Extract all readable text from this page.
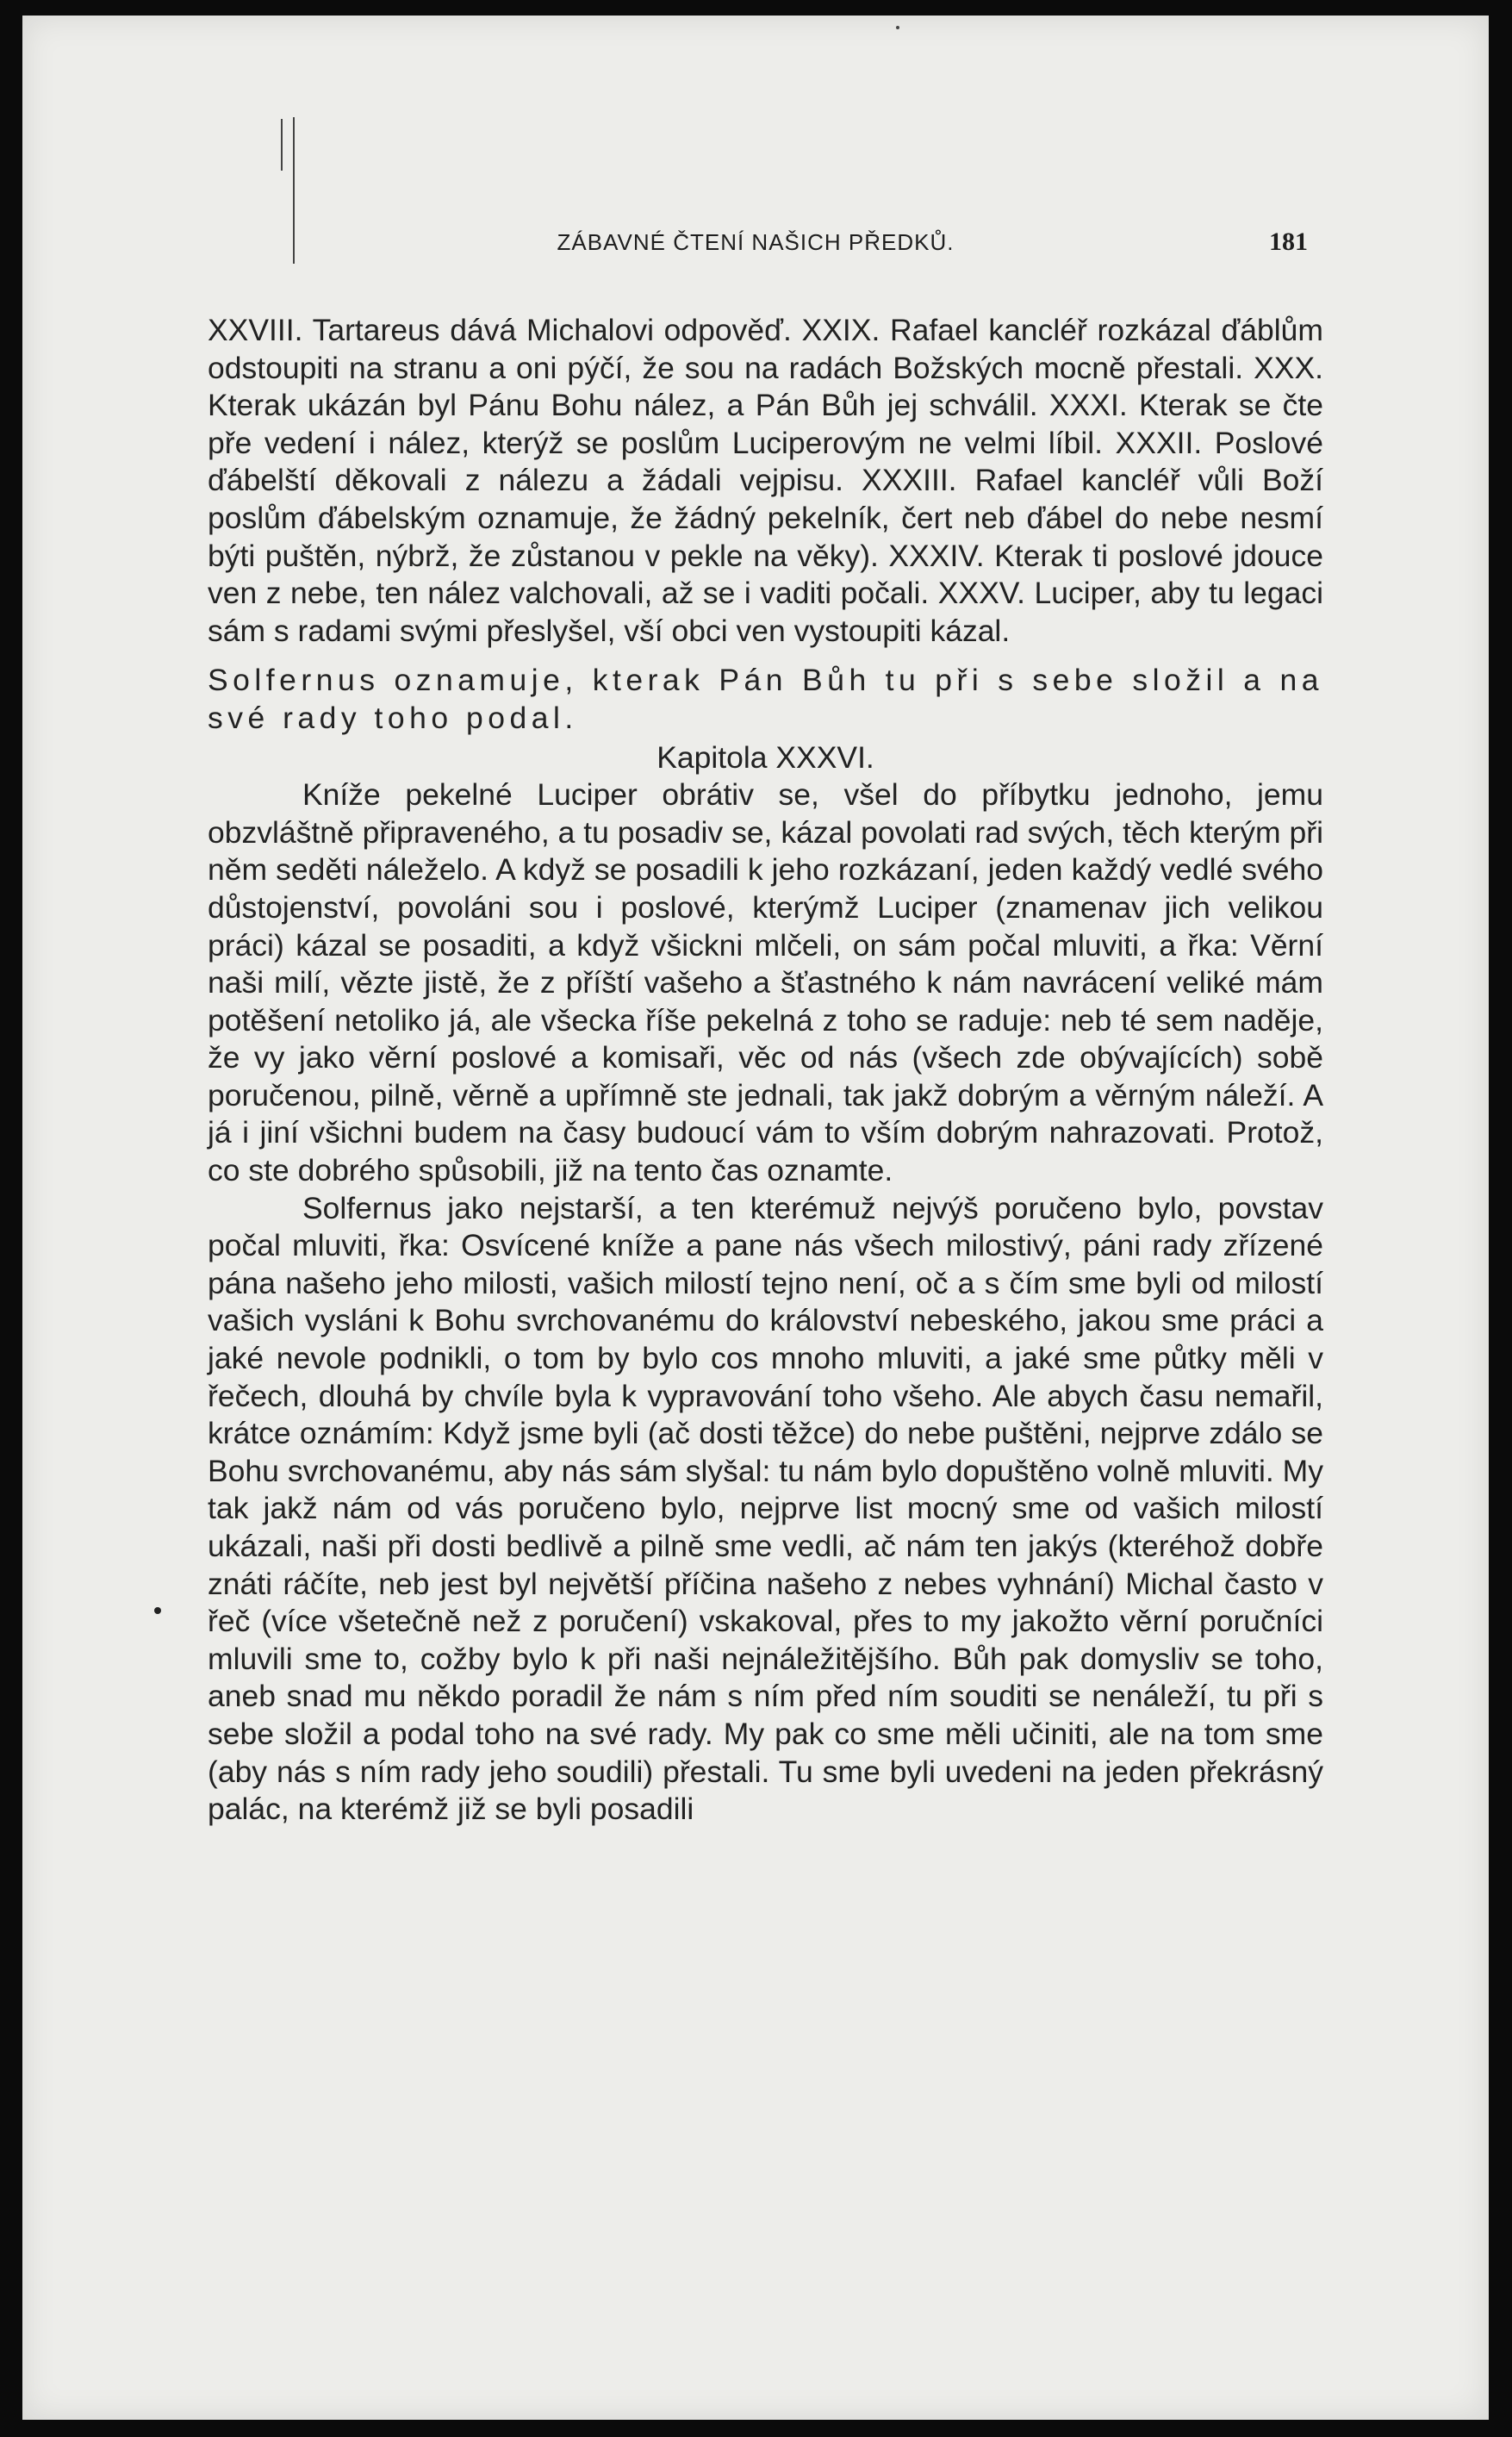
ZÁBAVNÉ ČTENÍ NAŠICH PŘEDKŮ.	181

XXVIII. Tartareus dává Michalovi odpověď. XXIX. Rafael kancléř rozkázal ďáblům odstoupiti na stranu a oni pýčí, že sou na radách Božských mocně přestali. XXX. Kterak ukázán byl Pánu Bohu nález, a Pán Bůh jej schválil. XXXI. Kterak se čte pře vedení i nález, kterýž se poslům Luciperovým ne velmi líbil. XXXII. Poslové ďábelští děkovali z nálezu a žádali vejpisu. XXXIII. Rafael kancléř vůli Boží poslům ďábelským oznamuje, že žádný pekelník, čert neb ďábel do nebe nesmí býti puštěn, nýbrž, že zůstanou v pekle na věky). XXXIV. Kterak ti poslové jdouce ven z nebe, ten nález valchovali, až se i vaditi počali. XXXV. Luciper, aby tu legaci sám s radami svými přeslyšel, vší obci ven vystoupiti kázal.

Solfernus oznamuje, kterak Pán Bůh tu při s sebe složil a na své rady toho podal.

Kapitola XXXVI.

Kníže pekelné Luciper obrátiv se, všel do příbytku jednoho, jemu obzvláštně připraveného, a tu posadiv se, kázal povolati rad svých, těch kterým při něm seděti náleželo. A když se posadili k jeho rozkázaní, jeden každý vedlé svého důstojenství, povoláni sou i poslové, kterýmž Luciper (znamenav jich velikou práci) kázal se posaditi, a když všickni mlčeli, on sám počal mluviti, a řka: Věrní naši milí, vězte jistě, že z příští vašeho a šťastného k nám navrácení veliké mám potěšení netoliko já, ale všecka říše pekelná z toho se raduje: neb té sem naděje, že vy jako věrní poslové a komisaři, věc od nás (všech zde obývajících) sobě poručenou, pilně, věrně a upřímně ste jednali, tak jakž dobrým a věrným náleží. A já i jiní všichni budem na časy budoucí vám to vším dobrým nahrazovati. Protož, co ste dobrého spůsobili, již na tento čas oznamte.

Solfernus jako nejstarší, a ten kterémuž nejvýš poručeno bylo, povstav počal mluviti, řka: Osvícené kníže a pane nás všech milostivý, páni rady zřízené pána našeho jeho milosti, vašich milostí tejno není, oč a s čím sme byli od milostí vašich vysláni k Bohu svrchovanému do království nebeského, jakou sme práci a jaké nevole podnikli, o tom by bylo cos mnoho mluviti, a jaké sme půtky měli v řečech, dlouhá by chvíle byla k vypravování toho všeho. Ale abych času nemařil, krátce oznámím: Když jsme byli (ač dosti těžce) do nebe puštěni, nejprve zdálo se Bohu svrchovanému, aby nás sám slyšal: tu nám bylo dopuštěno volně mluviti. My tak jakž nám od vás poručeno bylo, nejprve list mocný sme od vašich milostí ukázali, naši při dosti bedlivě a pilně sme vedli, ač nám ten jakýs (kteréhož dobře znáti ráčíte, neb jest byl největší příčina našeho z nebes vyhnání) Michal často v řeč (více všetečně než z poručení) vskakoval, přes to my jakožto věrní poručníci mluvili sme to, cožby bylo k při naši nejnáležitějšího. Bůh pak domysliv se toho, aneb snad mu někdo poradil že nám s ním před ním souditi se nenáleží, tu při s sebe složil a podal toho na své rady. My pak co sme měli učiniti, ale na tom sme (aby nás s ním rady jeho soudili) přestali. Tu sme byli uvedeni na jeden překrásný palác, na kterémž již se byli posadili
